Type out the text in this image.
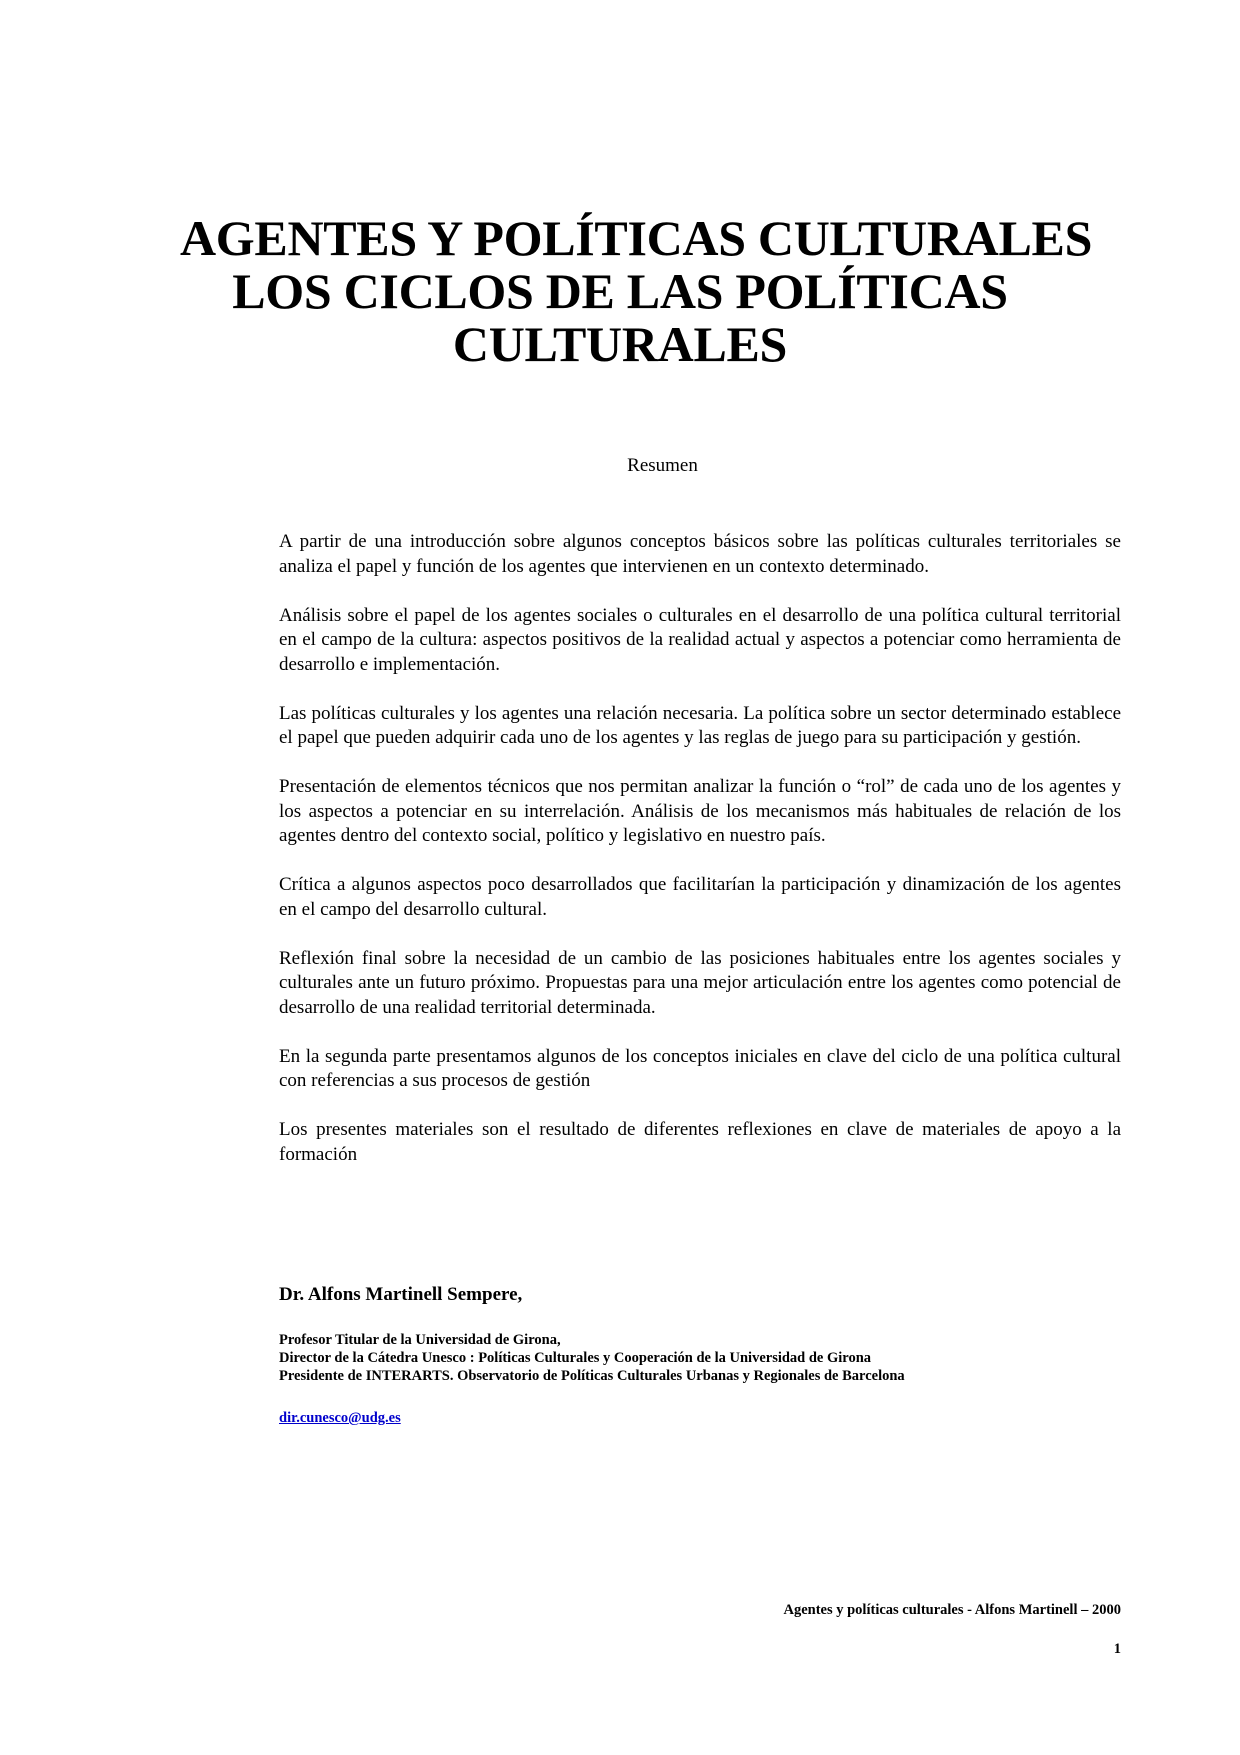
AGENTES Y POLÍTICAS CULTURALES
LOS CICLOS DE LAS POLÍTICAS
CULTURALES
Resumen

A partir de una introducción sobre algunos conceptos básicos sobre las políticas culturales territoriales se analiza el papel y función de los agentes que intervienen en un contexto determinado.

Análisis sobre el papel de los agentes sociales o culturales en el desarrollo de una política cultural territorial en el campo de la cultura: aspectos positivos de la realidad actual y aspectos a potenciar como herramienta de desarrollo e implementación.

Las políticas culturales y los agentes una relación necesaria. La política sobre un sector determinado establece el papel que pueden adquirir cada uno de los agentes y las reglas de juego para su participación y gestión.

Presentación de elementos técnicos que nos permitan analizar la función o “rol” de cada uno de los agentes y los aspectos a potenciar en su interrelación. Análisis de los mecanismos más habituales de relación de los agentes dentro del contexto social, político y legislativo en nuestro país.

Crítica a algunos aspectos poco desarrollados que facilitarían la participación y dinamización de los agentes en el campo del desarrollo cultural.

Reflexión final sobre la necesidad de un cambio de las posiciones habituales entre los agentes sociales y culturales ante un futuro próximo. Propuestas para una mejor articulación entre los agentes como potencial de desarrollo de una realidad territorial determinada.

En la segunda parte presentamos algunos de los conceptos iniciales en clave del ciclo de una política cultural con referencias a sus procesos de gestión

Los presentes materiales son el resultado de diferentes reflexiones en clave de materiales de apoyo a la formación

Dr. Alfons Martinell Sempere,
Profesor Titular de la Universidad de Girona,
Director de la Cátedra Unesco : Políticas Culturales y Cooperación de la Universidad de Girona
Presidente de INTERARTS. Observatorio de Políticas Culturales Urbanas y Regionales de Barcelona
dir.cunesco@udg.es
Agentes y políticas culturales - Alfons Martinell – 2000
1
